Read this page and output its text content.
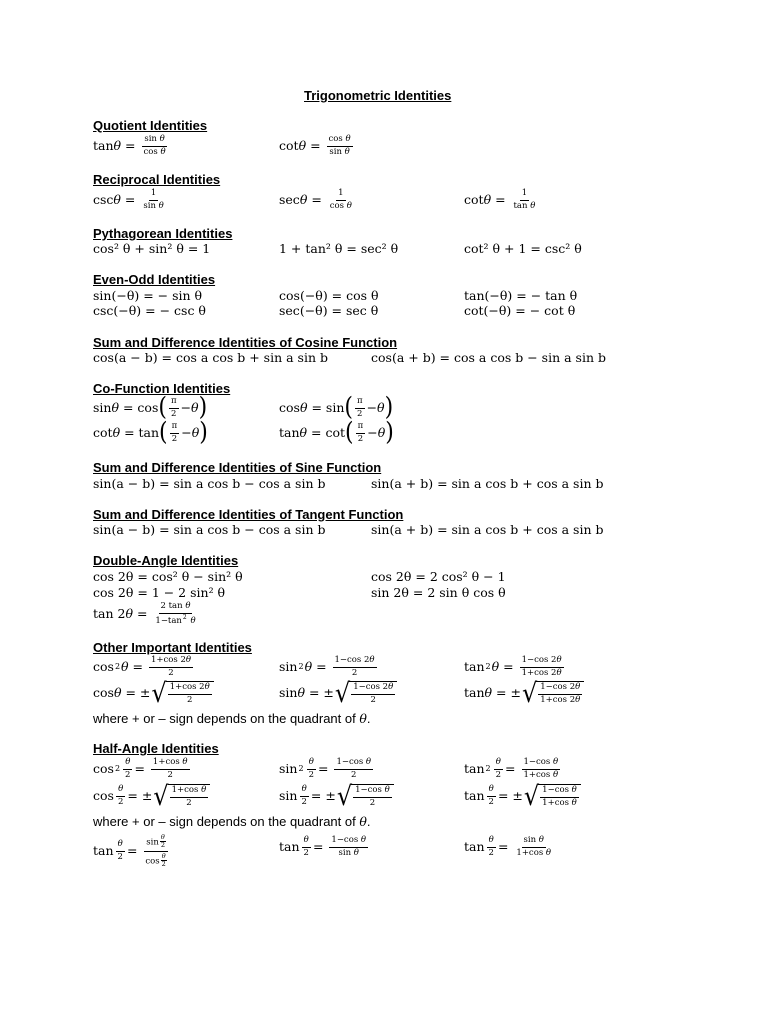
Trigonometric Identities
Quotient Identities
$\tan \theta = \frac{\text{sin θ}}{\text{cos θ}}$	$\cot \theta = \frac{\text{cos θ}}{\text{sin θ}}$
Reciprocal Identities
$\csc \theta = \frac{1}{\text{sin θ}}$	$\sec \theta = \frac{1}{\text{cos θ}}$	$\cot \theta = \frac{1}{\text{tan θ}}$
Pythagorean Identities
cos² θ + sin² θ = 1	1 + tan² θ = sec² θ	cot² θ + 1 = csc² θ
Even-Odd Identities
sin(−θ) = − sin θ	cos(−θ) = cos θ	tan(−θ) = − tan θ
csc(−θ) = − csc θ	sec(−θ) = sec θ	cot(−θ) = − cot θ
Sum and Difference Identities of Cosine Function
cos(a − b) = cos a cos b + sin a sin b	cos(a + b) = cos a cos b − sin a sin b
Co-Function Identities
sin θ = cos ( $\frac{\pi}{2} - \theta$ )	cos θ = sin ( $\frac{\pi}{2} - \theta$ )
cot θ = tan ( $\frac{\pi}{2} - \theta$ )	tan θ = cot ( $\frac{\pi}{2} - \theta$ )
Sum and Difference Identities of Sine Function
sin(a − b) = sin a cos b − cos a sin b	sin(a + b) = sin a cos b + cos a sin b
Sum and Difference Identities of Tangent Function
sin(a − b) = sin a cos b − cos a sin b	sin(a + b) = sin a cos b + cos a sin b
Double-Angle Identities
cos 2θ = cos² θ − sin² θ	cos 2θ = 2 cos² θ − 1
cos 2θ = 1 − 2 sin² θ	sin 2θ = 2 sin θ cos θ
tan 2 $\theta = \frac{\text{2 tan θ}}{1-\tan^2 \theta}$
Other Important Identities
cos 2 $\theta = \frac{1+\cos 2\theta}{2}$	sin 2 $\theta = \frac{1-\cos 2\theta}{2}$	tan 2 $\theta = \frac{1-\cos 2\theta}{1+\cos 2\theta}$
cos θ = ± √ $\frac{1+\cos 2\theta}{2}$	sin θ = ± √ $\frac{1-\cos 2\theta}{2}$	tan θ = ± √ $\frac{1-\cos 2\theta}{1+\cos 2\theta}$
where + or – sign depends on the quadrant of θ.
Half-Angle Identities
$\cos 2 \frac{\theta}{2} = \frac{\text{1+cos θ}}{2}$	$\sin 2 \frac{\theta}{2} = \frac{\text{1−cos θ}}{2}$	$\tan 2 \frac{\theta}{2} = \frac{\text{1−cos θ}}{\text{1+cos θ}}$
$\cos \frac{\theta}{2}$ = ± √ $\frac{\text{1+cos θ}}{2}$	$\sin \frac{\theta}{2}$ = ± √ $\frac{\text{1−cos θ}}{2}$	$\tan \frac{\theta}{2}$ = ± √ $\frac{\text{1−cos θ}}{\text{1+cos θ}}$
where + or – sign depends on the quadrant of θ.
$\tan \frac{\theta}{2} = \frac{\sin \frac{\theta}{2}}{\cos \frac{\theta}{2}}$	$\tan \frac{\theta}{2} = \frac{\text{1−cos θ}}{\text{sin θ}}$	$\tan \frac{\theta}{2} = \frac{\text{sin θ}}{\text{1+cos θ}}$
